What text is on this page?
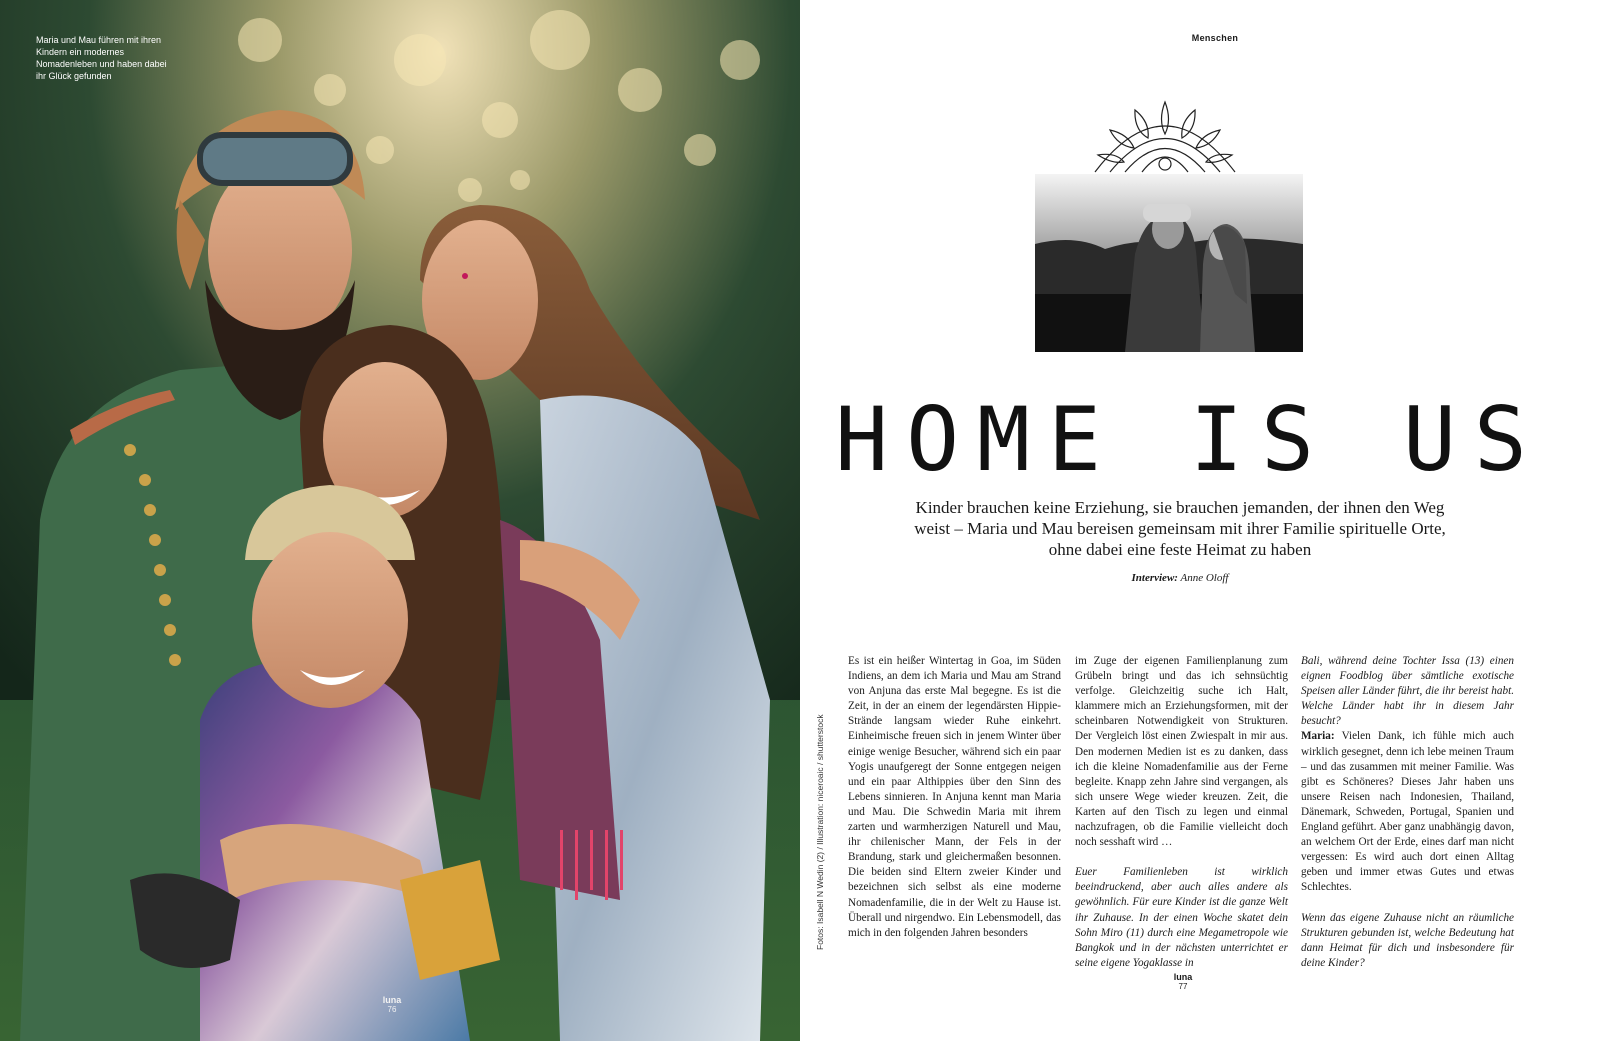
Maria und Mau führen mit ihren Kindern ein modernes Nomadenleben und haben dabei ihr Glück gefunden
luna
76
Menschen
HOME IS US
Kinder brauchen keine Erziehung, sie brauchen jemanden, der ihnen den Weg weist – Maria und Mau bereisen gemeinsam mit ihrer Familie spirituelle Orte, ohne dabei eine feste Heimat zu haben
Interview: Anne Oloff

Es ist ein heißer Wintertag in Goa, im Süden Indiens, an dem ich Maria und Mau am Strand von Anjuna das erste Mal begegne. Es ist die Zeit, in der an einem der legendärsten Hippie-Strände langsam wieder Ruhe einkehrt. Einheimische freuen sich in jenem Winter über einige wenige Besucher, während sich ein paar Yogis unaufgeregt der Sonne entgegen neigen und ein paar Althippies über den Sinn des Lebens sinnieren. In Anjuna kennt man Maria und Mau. Die Schwedin Maria mit ihrem zarten und warmherzigen Naturell und Mau, ihr chilenischer Mann, der Fels in der Brandung, stark und gleichermaßen besonnen. Die beiden sind Eltern zweier Kinder und bezeichnen sich selbst als eine moderne Nomadenfamilie, die in der Welt zu Hause ist. Überall und nirgendwo. Ein Lebensmodell, das mich in den folgenden Jahren besonders

im Zuge der eigenen Familienplanung zum Grübeln bringt und das ich sehnsüchtig verfolge. Gleichzeitig suche ich Halt, klammere mich an Erziehungsformen, mit der scheinbaren Notwendigkeit von Strukturen. Der Vergleich löst einen Zwiespalt in mir aus. Den modernen Medien ist es zu danken, dass ich die kleine Nomadenfamilie aus der Ferne begleite. Knapp zehn Jahre sind vergangen, als sich unsere Wege wieder kreuzen. Zeit, die Karten auf den Tisch zu legen und einmal nachzufragen, ob die Familie vielleicht doch noch sesshaft wird …

Euer Familienleben ist wirklich beeindruckend, aber auch alles andere als gewöhnlich. Für eure Kinder ist die ganze Welt ihr Zuhause. In der einen Woche skatet dein Sohn Miro (11) durch eine Megametropole wie Bangkok und in der nächsten unterrichtet er seine eigene Yogaklasse in

Bali, während deine Tochter Issa (13) einen eignen Foodblog über sämtliche exotische Speisen aller Länder führt, die ihr bereist habt. Welche Länder habt ihr in diesem Jahr besucht?

Maria: Vielen Dank, ich fühle mich auch wirklich gesegnet, denn ich lebe meinen Traum – und das zusammen mit meiner Familie. Was gibt es Schöneres? Dieses Jahr haben uns unsere Reisen nach Indonesien, Thailand, Dänemark, Schweden, Portugal, Spanien und England geführt. Aber ganz unabhängig davon, an welchem Ort der Erde, eines darf man nicht vergessen: Es wird auch dort einen Alltag geben und immer etwas Gutes und etwas Schlechtes.

Wenn das eigene Zuhause nicht an räumliche Strukturen gebunden ist, welche Bedeutung hat dann Heimat für dich und insbesondere für deine Kinder?

luna
77
Fotos: Isabell N Wedin (2) / Illustration: niceroaic / shutterstock
